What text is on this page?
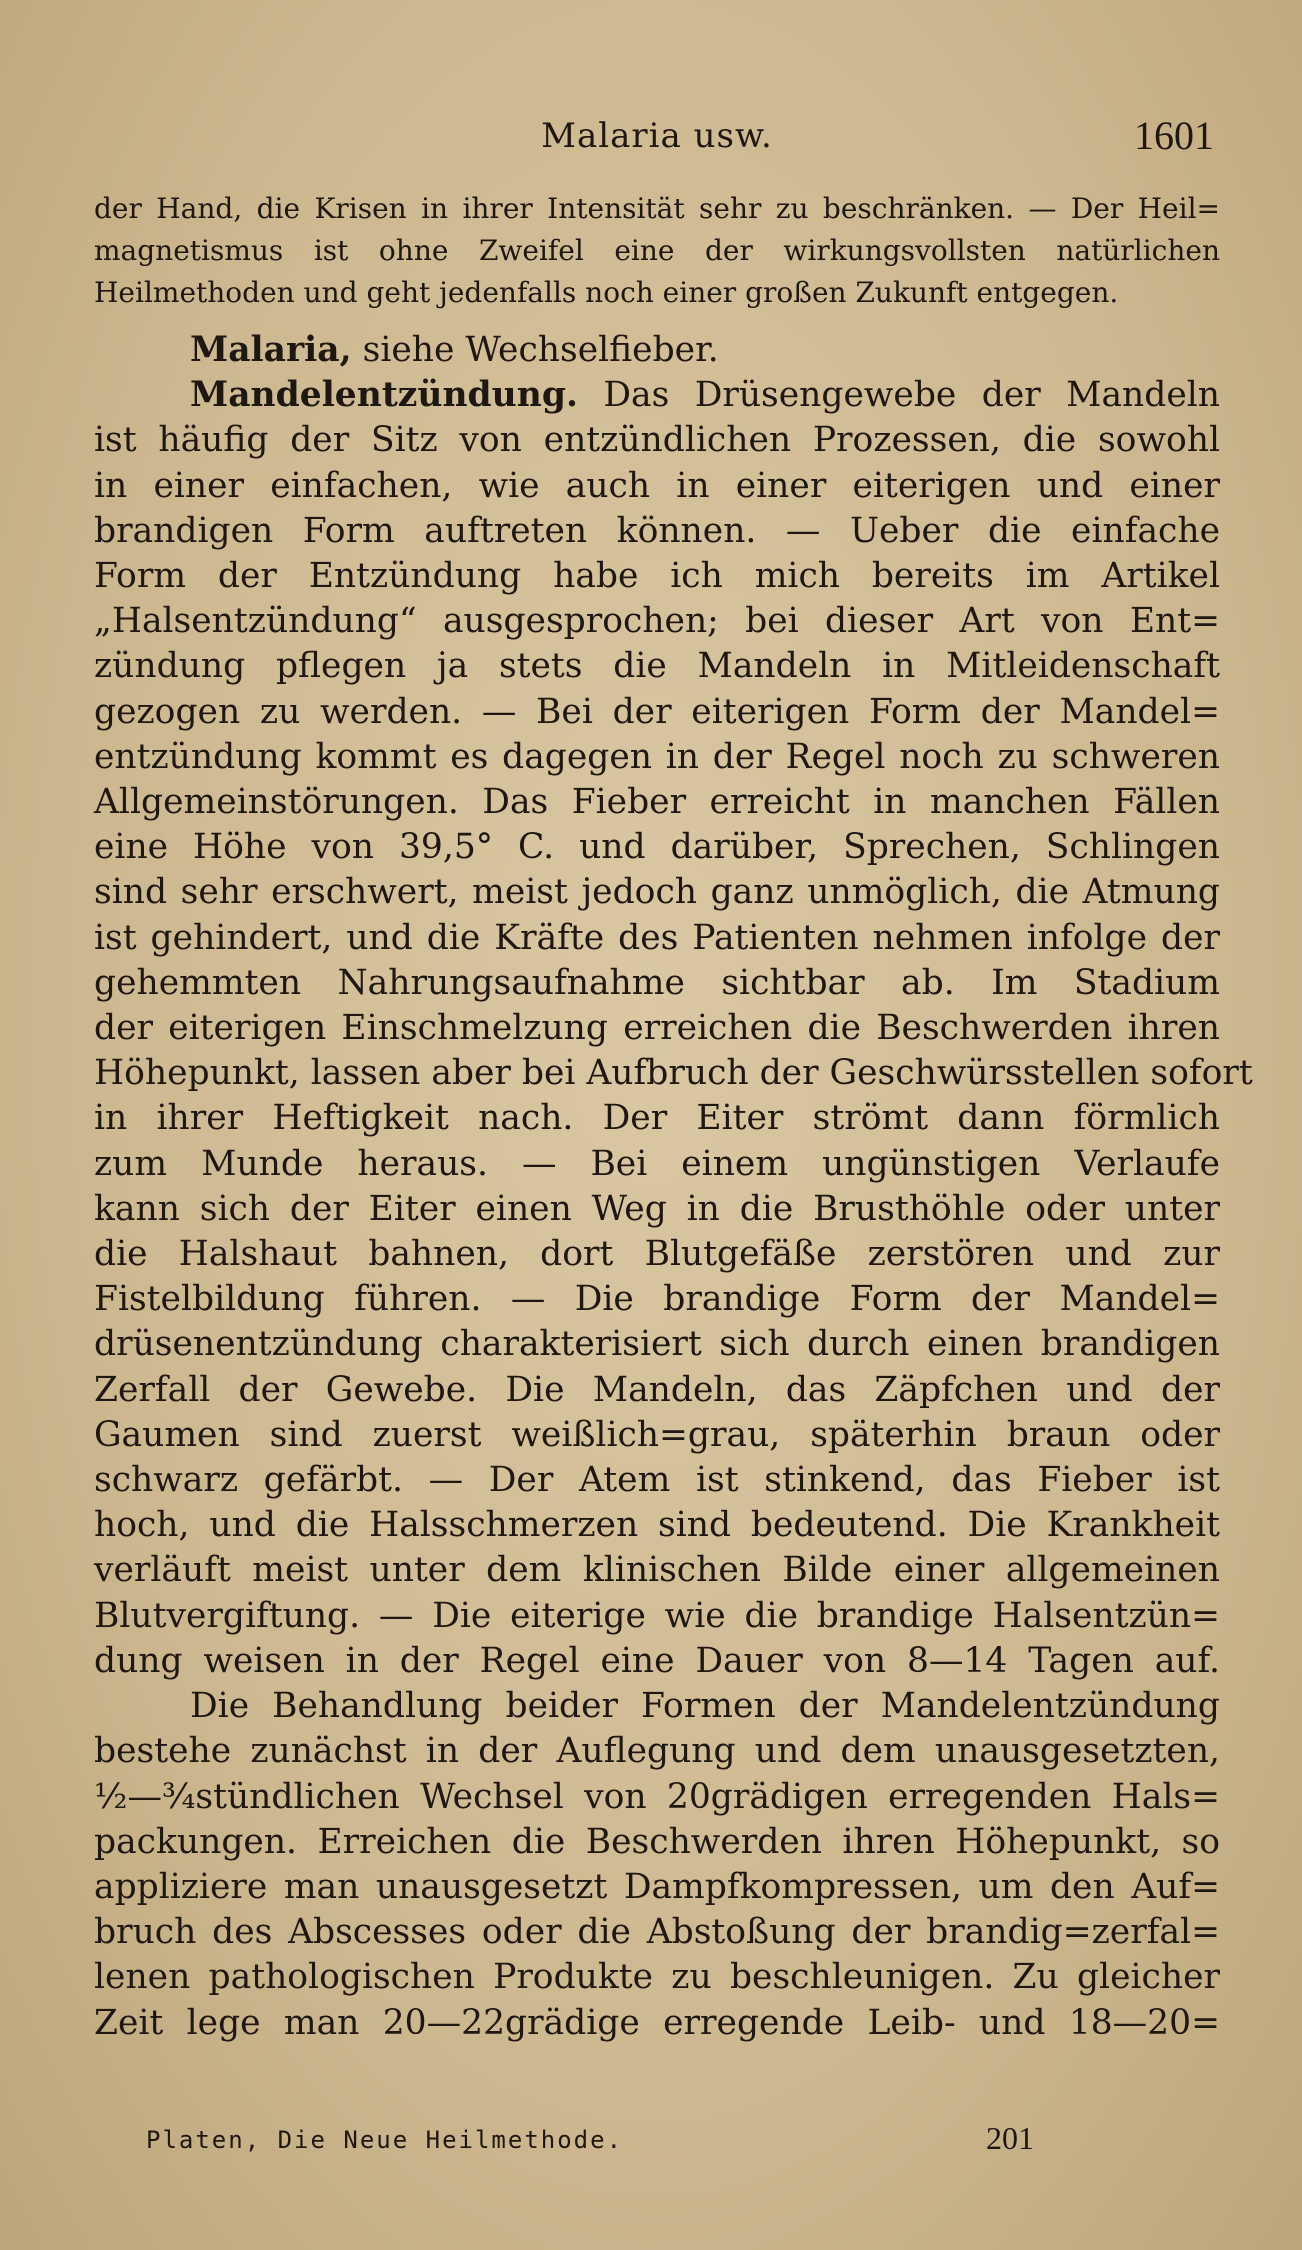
Malaria usw.	1601

der Hand, die Krisen in ihrer Intensität sehr zu beschränken. — Der Heil=
magnetismus ist ohne Zweifel eine der wirkungsvollsten natürlichen
Heilmethoden und geht jedenfalls noch einer großen Zukunft entgegen.

Malaria, siehe Wechselfieber.

Mandelentzündung. Das Drüsengewebe der Mandeln
ist häufig der Sitz von entzündlichen Prozessen, die sowohl
in einer einfachen, wie auch in einer eiterigen und einer
brandigen Form auftreten können. — Ueber die einfache
Form der Entzündung habe ich mich bereits im Artikel
„Halsentzündung“ ausgesprochen; bei dieser Art von Ent=
zündung pflegen ja stets die Mandeln in Mitleidenschaft
gezogen zu werden. — Bei der eiterigen Form der Mandel=
entzündung kommt es dagegen in der Regel noch zu schweren
Allgemeinstörungen. Das Fieber erreicht in manchen Fällen
eine Höhe von 39,5° C. und darüber, Sprechen, Schlingen
sind sehr erschwert, meist jedoch ganz unmöglich, die Atmung
ist gehindert, und die Kräfte des Patienten nehmen infolge der
gehemmten Nahrungsaufnahme sichtbar ab. Im Stadium
der eiterigen Einschmelzung erreichen die Beschwerden ihren
Höhepunkt, lassen aber bei Aufbruch der Geschwürsstellen sofort
in ihrer Heftigkeit nach. Der Eiter strömt dann förmlich
zum Munde heraus. — Bei einem ungünstigen Verlaufe
kann sich der Eiter einen Weg in die Brusthöhle oder unter
die Halshaut bahnen, dort Blutgefäße zerstören und zur
Fistelbildung führen. — Die brandige Form der Mandel=
drüsenentzündung charakterisiert sich durch einen brandigen
Zerfall der Gewebe. Die Mandeln, das Zäpfchen und der
Gaumen sind zuerst weißlich=grau, späterhin braun oder
schwarz gefärbt. — Der Atem ist stinkend, das Fieber ist
hoch, und die Halsschmerzen sind bedeutend. Die Krankheit
verläuft meist unter dem klinischen Bilde einer allgemeinen
Blutvergiftung. — Die eiterige wie die brandige Halsentzün=
dung weisen in der Regel eine Dauer von 8—14 Tagen auf.

Die Behandlung beider Formen der Mandelentzündung
bestehe zunächst in der Auflegung und dem unausgesetzten,
½—¾stündlichen Wechsel von 20grädigen erregenden Hals=
packungen. Erreichen die Beschwerden ihren Höhepunkt, so
appliziere man unausgesetzt Dampfkompressen, um den Auf=
bruch des Abscesses oder die Abstoßung der brandig=zerfal=
lenen pathologischen Produkte zu beschleunigen. Zu gleicher
Zeit lege man 20—22grädige erregende Leib- und 18—20=

Platen, Die Neue Heilmethode.	201
